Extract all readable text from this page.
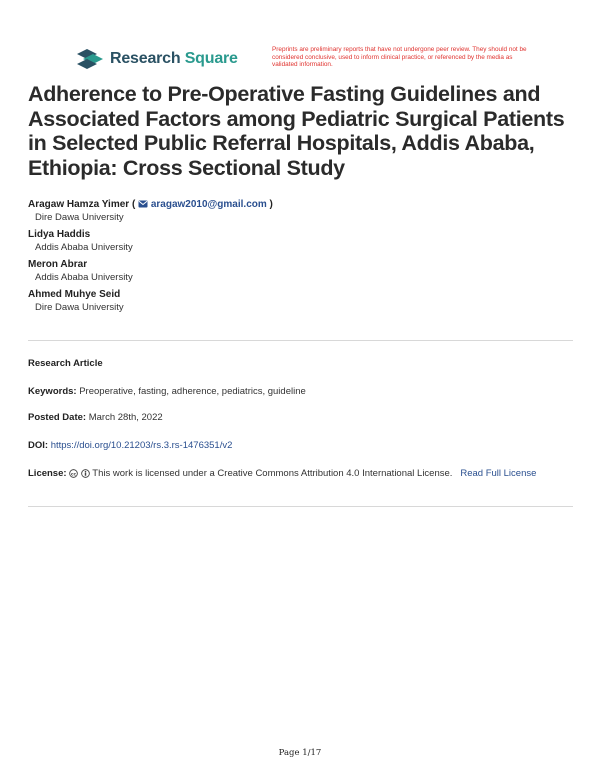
Research Square
Preprints are preliminary reports that have not undergone peer review. They should not be considered conclusive, used to inform clinical practice, or referenced by the media as validated information.
Adherence to Pre-Operative Fasting Guidelines and Associated Factors among Pediatric Surgical Patients in Selected Public Referral Hospitals, Addis Ababa, Ethiopia: Cross Sectional Study
Aragaw Hamza Yimer (  aragaw2010@gmail.com )
Dire Dawa University
Lidya Haddis
Addis Ababa University
Meron Abrar
Addis Ababa University
Ahmed Muhye Seid
Dire Dawa University
Research Article
Keywords: Preoperative, fasting, adherence, pediatrics, guideline
Posted Date: March 28th, 2022
DOI: https://doi.org/10.21203/rs.3.rs-1476351/v2
License: cc This work is licensed under a Creative Commons Attribution 4.0 International License. Read Full License
Page 1/17
